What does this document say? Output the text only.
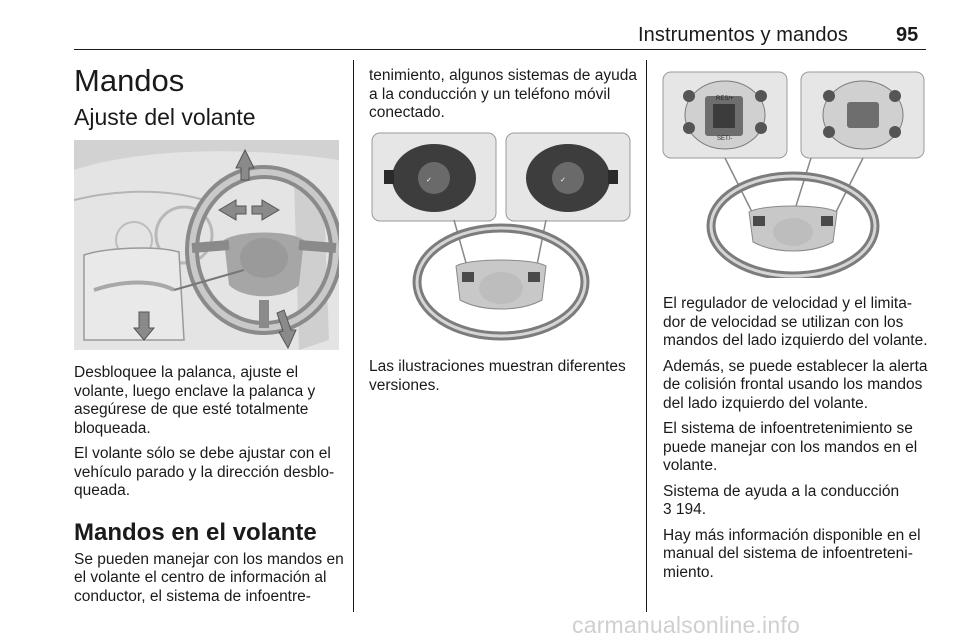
Instrumentos y mandos 95
Mandos
Ajuste del volante

Desbloquee la palanca, ajuste el volante, luego enclave la palanca y asegúrese de que esté totalmente bloqueada.

El volante sólo se debe ajustar con el vehículo parado y la dirección desblo-queada.

Mandos en el volante

Se pueden manejar con los mandos en el volante el centro de información al conductor, el sistema de infoentre-

tenimiento, algunos sistemas de ayuda a la conducción y un teléfono móvil conectado.

✓	✓

Las ilustraciones muestran diferentes versiones.

RES/+
SET/-

El regulador de velocidad y el limita-dor de velocidad se utilizan con los mandos del lado izquierdo del volante.

Además, se puede establecer la alerta de colisión frontal usando los mandos del lado izquierdo del volante.

El sistema de infoentretenimiento se puede manejar con los mandos en el volante.

Sistema de ayuda a la conducción
3 194.

Hay más información disponible en el manual del sistema de infoentreteni-miento.

carmanualsonline.info
